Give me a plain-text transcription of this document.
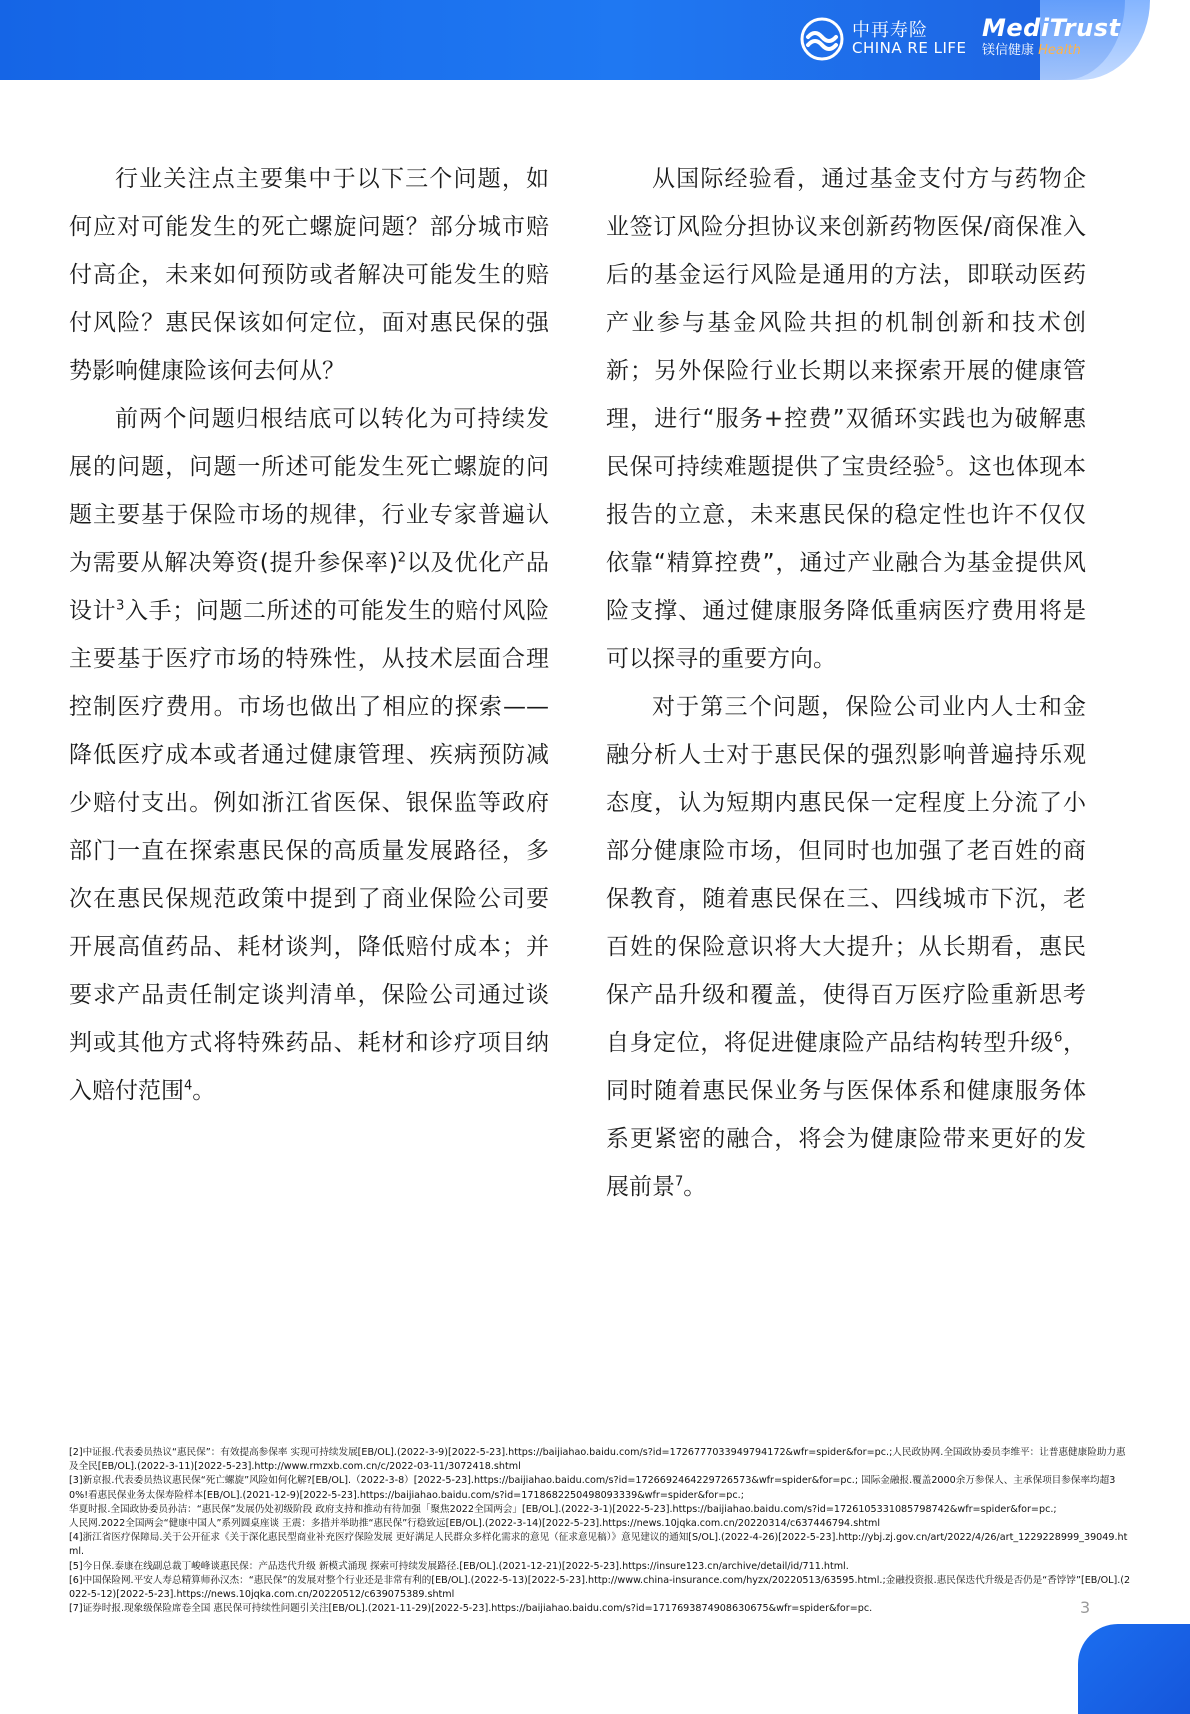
中再寿险
CHINA RE LIFE
MediTrust
镁信健康 Health

行业关注点主要集中于以下三个问题，如何应对可能发生的死亡螺旋问题？部分城市赔付高企，未来如何预防或者解决可能发生的赔付风险？惠民保该如何定位，面对惠民保的强势影响健康险该何去何从？

前两个问题归根结底可以转化为可持续发展的问题，问题一所述可能发生死亡螺旋的问题主要基于保险市场的规律，行业专家普遍认为需要从解决筹资(提升参保率)$^2$以及优化产品设计$^3$入手；问题二所述的可能发生的赔付风险主要基于医疗市场的特殊性，从技术层面合理控制医疗费用。市场也做出了相应的探索——降低医疗成本或者通过健康管理、疾病预防减少赔付支出。例如浙江省医保、银保监等政府部门一直在探索惠民保的高质量发展路径，多次在惠民保规范政策中提到了商业保险公司要开展高值药品、耗材谈判，降低赔付成本；并要求产品责任制定谈判清单，保险公司通过谈判或其他方式将特殊药品、耗材和诊疗项目纳入赔付范围$^4$。

从国际经验看，通过基金支付方与药物企业签订风险分担协议来创新药物医保/商保准入后的基金运行风险是通用的方法，即联动医药产业参与基金风险共担的机制创新和技术创新；另外保险行业长期以来探索开展的健康管理，进行“服务+控费”双循环实践也为破解惠民保可持续难题提供了宝贵经验$^5$。这也体现本报告的立意，未来惠民保的稳定性也许不仅仅依靠“精算控费”，通过产业融合为基金提供风险支撑、通过健康服务降低重病医疗费用将是可以探寻的重要方向。

对于第三个问题，保险公司业内人士和金融分析人士对于惠民保的强烈影响普遍持乐观态度，认为短期内惠民保一定程度上分流了小部分健康险市场，但同时也加强了老百姓的商保教育，随着惠民保在三、四线城市下沉，老百姓的保险意识将大大提升；从长期看，惠民保产品升级和覆盖，使得百万医疗险重新思考自身定位，将促进健康险产品结构转型升级$^6$，同时随着惠民保业务与医保体系和健康服务体系更紧密的融合，将会为健康险带来更好的发展前景$^7$。

[2]中证报.代表委员热议“惠民保”：有效提高参保率 实现可持续发展[EB/OL].(2022-3-9)[2022-5-23].https://baijiahao.baidu.com/s?id=1726777033949794172&wfr=spider&for=pc.;人民政协网.全国政协委员李维平：让普惠健康险助力惠及全民[EB/OL].(2022-3-11)[2022-5-23].http://www.rmzxb.com.cn/c/2022-03-11/3072418.shtml
[3]新京报.代表委员热议惠民保“死亡螺旋”风险如何化解?[EB/OL].（2022-3-8）[2022-5-23].https://baijiahao.baidu.com/s?id=1726692464229726573&wfr=spider&for=pc.; 国际金融报.覆盖2000余万参保人、主承保项目参保率均超30%!看惠民保业务太保寿险样本[EB/OL].(2021-12-9)[2022-5-23].https://baijiahao.baidu.com/s?id=1718682250498093339&wfr=spider&for=pc.;
华夏时报.全国政协委员孙洁：“惠民保”发展仍处初级阶段 政府支持和推动有待加强「聚焦2022全国两会」[EB/OL].(2022-3-1)[2022-5-23].https://baijiahao.baidu.com/s?id=1726105331085798742&wfr=spider&for=pc.;
人民网.2022全国两会“健康中国人”系列圆桌座谈 王震：多措并举助推“惠民保”行稳致远[EB/OL].(2022-3-14)[2022-5-23].https://news.10jqka.com.cn/20220314/c637446794.shtml
[4]浙江省医疗保障局.关于公开征求《关于深化惠民型商业补充医疗保险发展 更好满足人民群众多样化需求的意见（征求意见稿）》意见建议的通知[S/OL].(2022-4-26)[2022-5-23].http://ybj.zj.gov.cn/art/2022/4/26/art_1229228999_39049.html.
[5]今日保.泰康在线副总裁丁峻峰谈惠民保：产品迭代升级 新模式涌现 探索可持续发展路径.[EB/OL].(2021-12-21)[2022-5-23].https://insure123.cn/archive/detail/id/711.html.
[6]中国保险网.平安人寿总精算师孙汉杰：“惠民保”的发展对整个行业还是非常有利的[EB/OL].(2022-5-13)[2022-5-23].http://www.china-insurance.com/hyzx/20220513/63595.html.;金融投资报.惠民保迭代升级是否仍是“香饽饽”[EB/OL].(2022-5-12)[2022-5-23].https://news.10jqka.com.cn/20220512/c639075389.shtml
[7]证券时报.现象级保险席卷全国 惠民保可持续性问题引关注[EB/OL].(2021-11-29)[2022-5-23].https://baijiahao.baidu.com/s?id=1717693874908630675&wfr=spider&for=pc.	3
